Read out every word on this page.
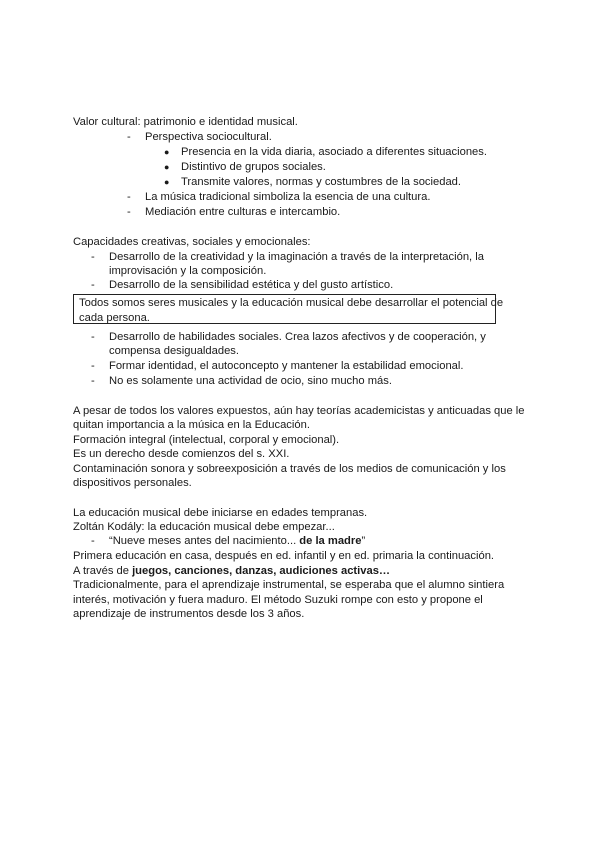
Valor cultural: patrimonio e identidad musical.
- Perspectiva sociocultural.
● Presencia en la vida diaria, asociado a diferentes situaciones.
● Distintivo de grupos sociales.
● Transmite valores, normas y costumbres de la sociedad.
- La música tradicional simboliza la esencia de una cultura.
- Mediación entre culturas e intercambio.
Capacidades creativas, sociales y emocionales:
- Desarrollo de la creatividad y la imaginación a través de la interpretación, la
improvisación y la composición.
- Desarrollo de la sensibilidad estética y del gusto artístico.
Todos somos seres musicales y la educación musical debe desarrollar el potencial de
cada persona.
- Desarrollo de habilidades sociales. Crea lazos afectivos y de cooperación, y
compensa desigualdades.
- Formar identidad, el autoconcepto y mantener la estabilidad emocional.
- No es solamente una actividad de ocio, sino mucho más.
A pesar de todos los valores expuestos, aún hay teorías academicistas y anticuadas que le
quitan importancia a la música en la Educación.
Formación integral (intelectual, corporal y emocional).
Es un derecho desde comienzos del s. XXI.
Contaminación sonora y sobreexposición a través de los medios de comunicación y los
dispositivos personales.
La educación musical debe iniciarse en edades tempranas.
Zoltán Kodály: la educación musical debe empezar...
- “Nueve meses antes del nacimiento... de la madre”
Primera educación en casa, después en ed. infantil y en ed. primaria la continuación.
A través de juegos, canciones, danzas, audiciones activas…
Tradicionalmente, para el aprendizaje instrumental, se esperaba que el alumno sintiera
interés, motivación y fuera maduro. El método Suzuki rompe con esto y propone el
aprendizaje de instrumentos desde los 3 años.
